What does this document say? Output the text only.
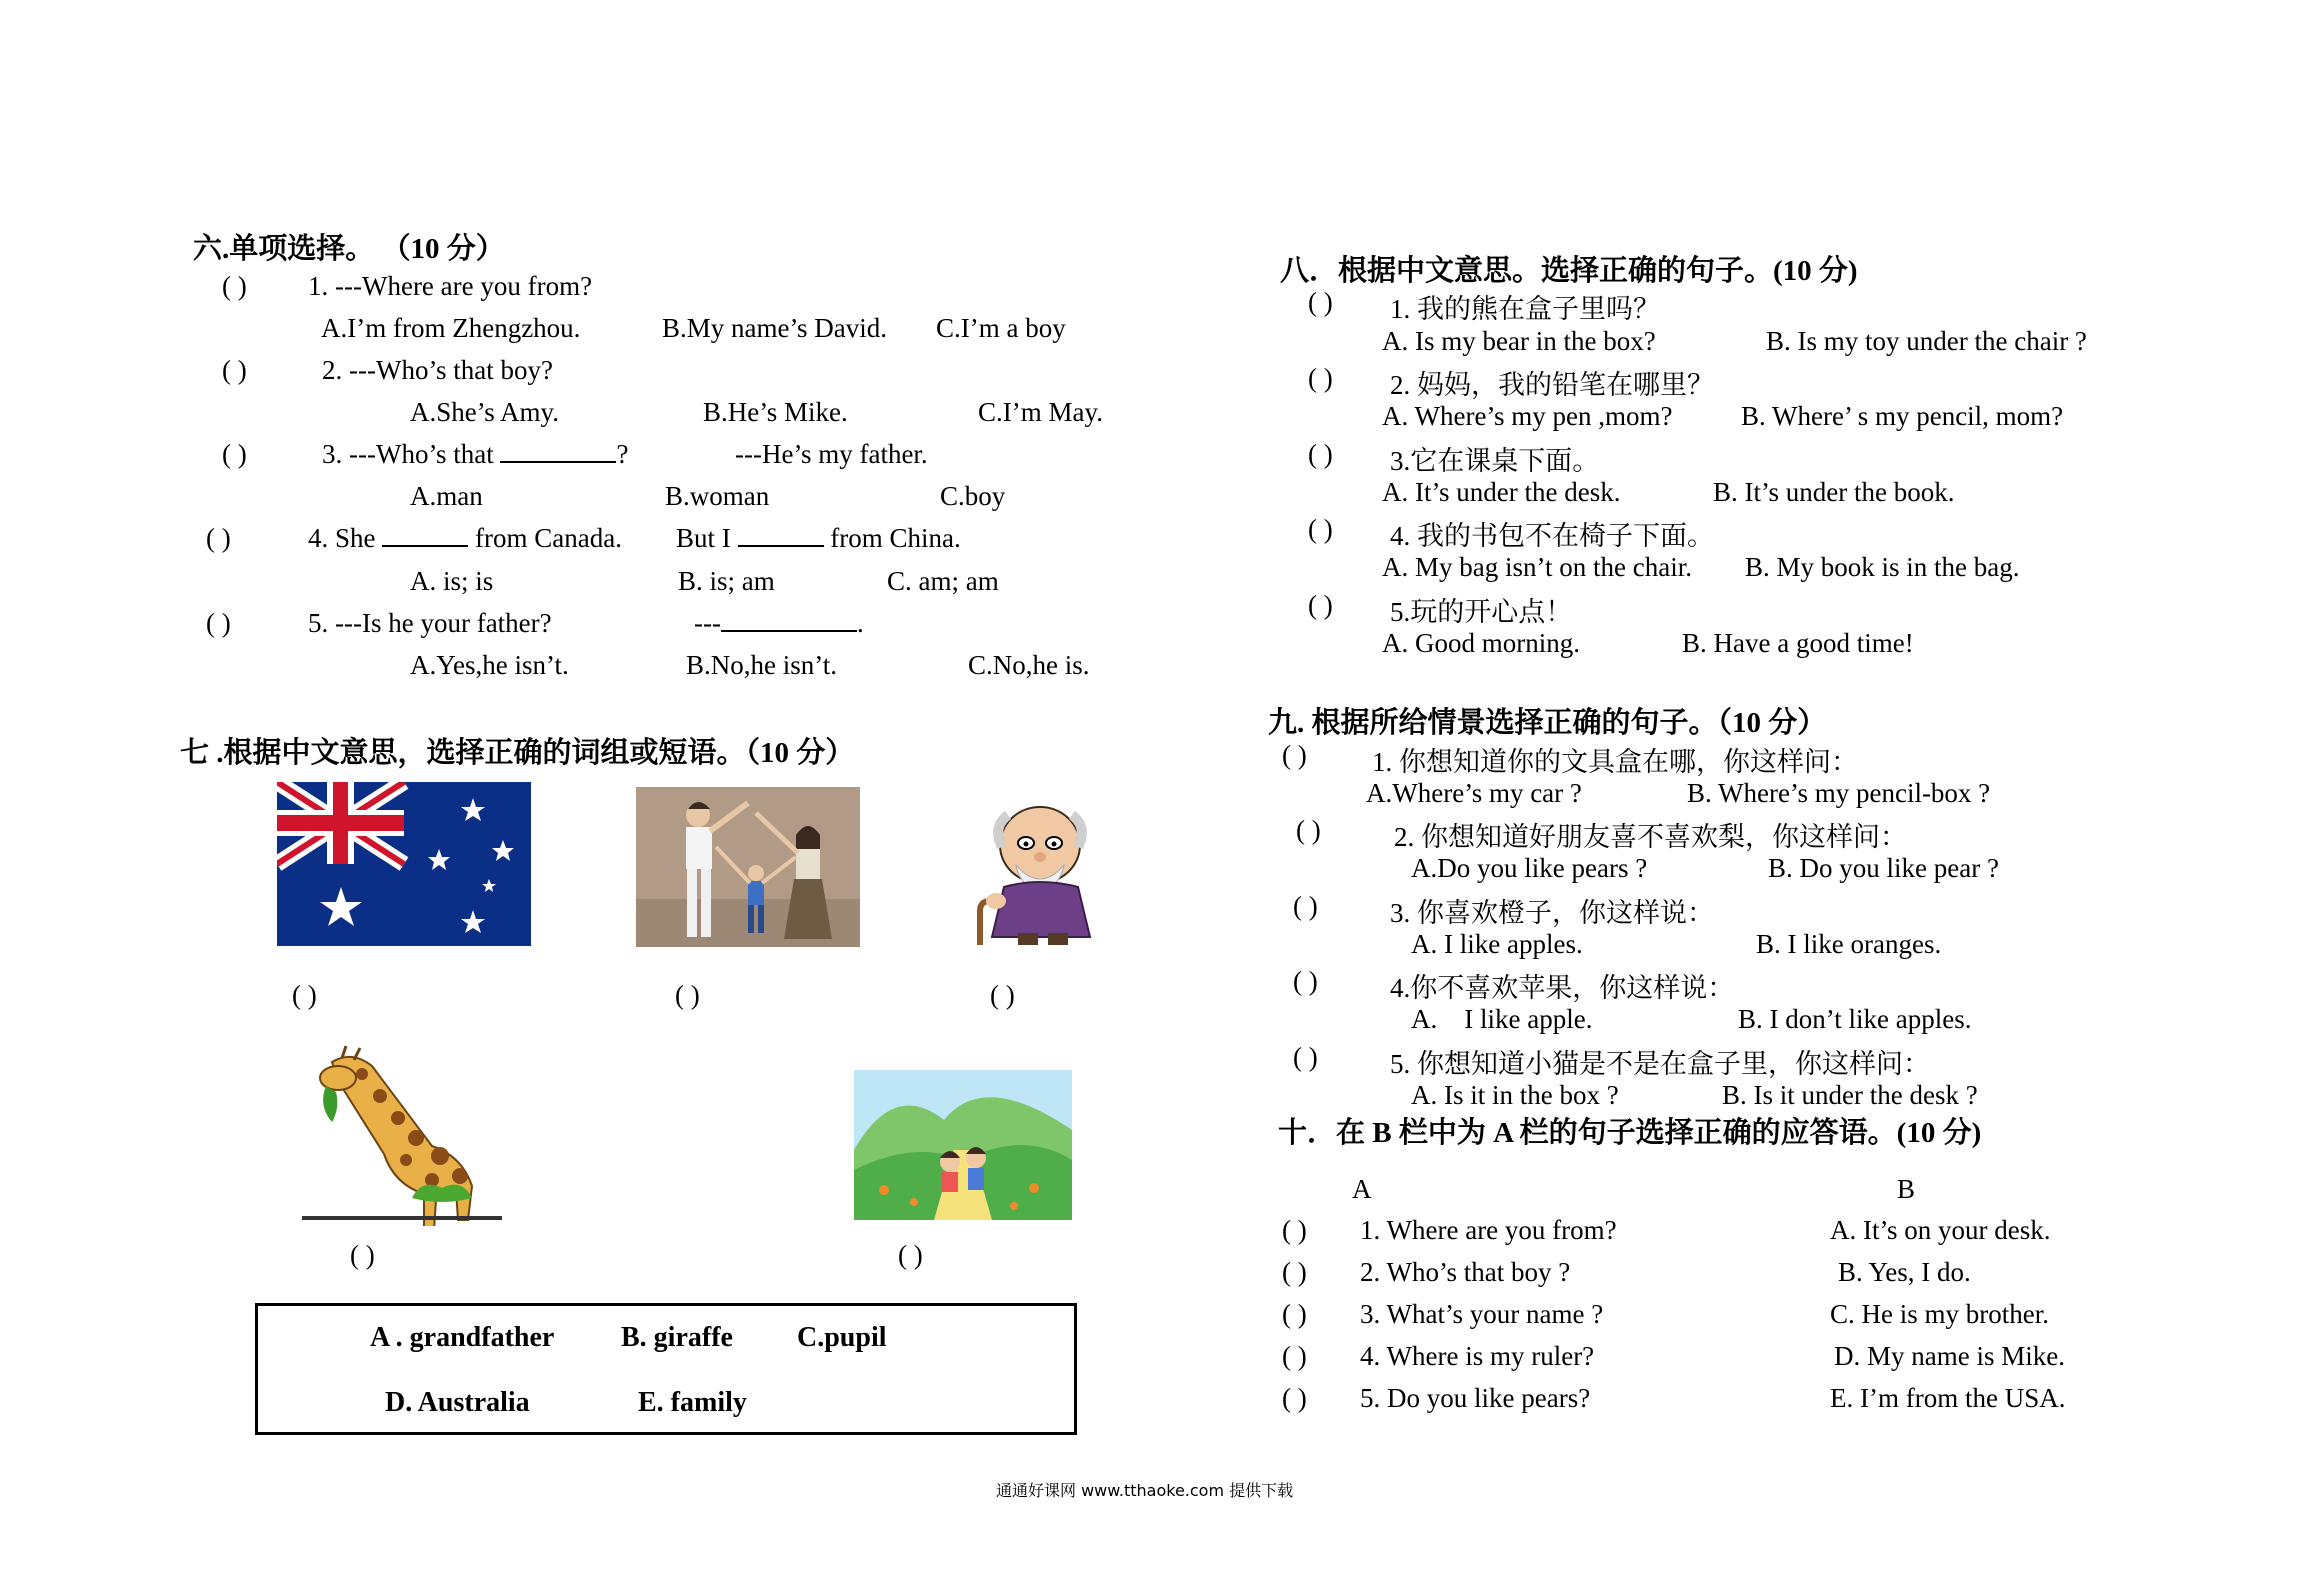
六.单项选择。 （10 分）
( ) 1. ---Where are you from?
A.I’m from Zhengzhou.	B.My name’s David. C.I’m a boy
( )	2. ---Who’s that boy?
A.She’s Amy.	B.He’s Mike.	C.I’m May.
( )	3. ---Who’s that	?	---He’s my father.
A.man	B.woman	C.boy
( )	4. She	from Canada. But I	from China.
A. is; is	B. is; am	C. am; am
( )	5. ---Is he your father?	---	.
A.Yes,he isn’t.	B.No,he isn’t.	C.No,he is.
七 .根据中文意思，选择正确的词组或短语。（10 分）
( )	( )	( )
( )	( )
A . grandfather B. giraffe C.pupil
D. Australia	E. family
八．根据中文意思。选择正确的句子。(10 分)
( ) 1. 我的熊在盒子里吗？
A. Is my bear in the box?	B. Is my toy under the chair ?
( ) 2. 妈妈，我的铅笔在哪里？
A. Where’s my pen ,mom?	B. Where’ s my pencil, mom?
( ) 3.它在课桌下面。
A. It’s under the desk.	B. It’s under the book.
( ) 4. 我的书包不在椅子下面。
A. My bag isn’t on the chair. B. My book is in the bag.
( ) 5.玩的开心点！
A. Good morning.	B. Have a good time!
九. 根据所给情景选择正确的句子。（10 分）
( ) 1. 你想知道你的文具盒在哪，你这样问：
A.Where’s my car ?	B. Where’s my pencil-box ?
( )	2. 你想知道好朋友喜不喜欢梨，你这样问：
A.Do you like pears ?	B. Do you like pear ?
( )	3. 你喜欢橙子，你这样说：
A. I like apples.	B. I like oranges.
( )	4.你不喜欢苹果，你这样说：
A.    I like apple.	B. I don’t like apples.
( )	5. 你想知道小猫是不是在盒子里，你这样问：
A. Is it in the box ?	B. Is it under the desk ?
十．在 B 栏中为 A 栏的句子选择正确的应答语。(10 分)
A	B
( ) 1. Where are you from?	A. It’s on your desk.
( ) 2. Who’s that boy ?	B. Yes, I do.
( ) 3. What’s your name ?	C. He is my brother.
( ) 4. Where is my ruler?	D. My name is Mike.
( ) 5. Do you like pears?	E. I’m from the USA.
通通好课网 www.tthaoke.com 提供下载
